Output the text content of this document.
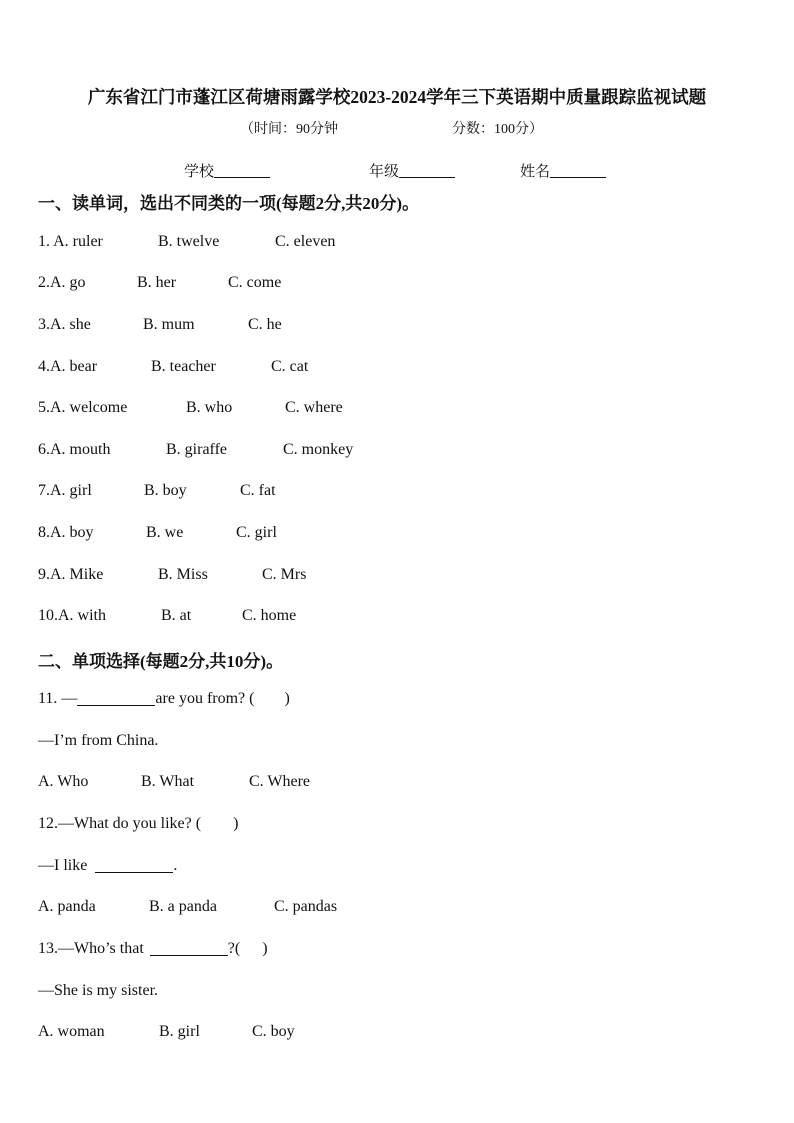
广东省江门市蓬江区荷塘雨露学校2023-2024学年三下英语期中质量跟踪监视试题
（时间：90分钟	分数：100分）
学校	年级	姓名
一、读单词，选出不同类的一项(每题2分,共20分)。
1. A. ruler	B. twelve	C. eleven
2.A. go	B. her	C. come
3.A. she	B. mum	C. he
4.A. bear	B. teacher	C. cat
5.A. welcome	B. who	C. where
6.A. mouth	B. giraffe	C. monkey
7.A. girl	B. boy	C. fat
8.A. boy	B. we	C. girl
9.A. Mike	B. Miss	C. Mrs
10.A. with	B. at	C. home
二、单项选择(每题2分,共10分)。
11. —	are you from? ( )
—I’m from China.
A. Who	B. What	C. Where
12.—What do you like? ( )
—I like	.
A. panda	B. a panda	C. pandas
13.—Who’s that	?( )
—She is my sister.
A. woman	B. girl	C. boy
